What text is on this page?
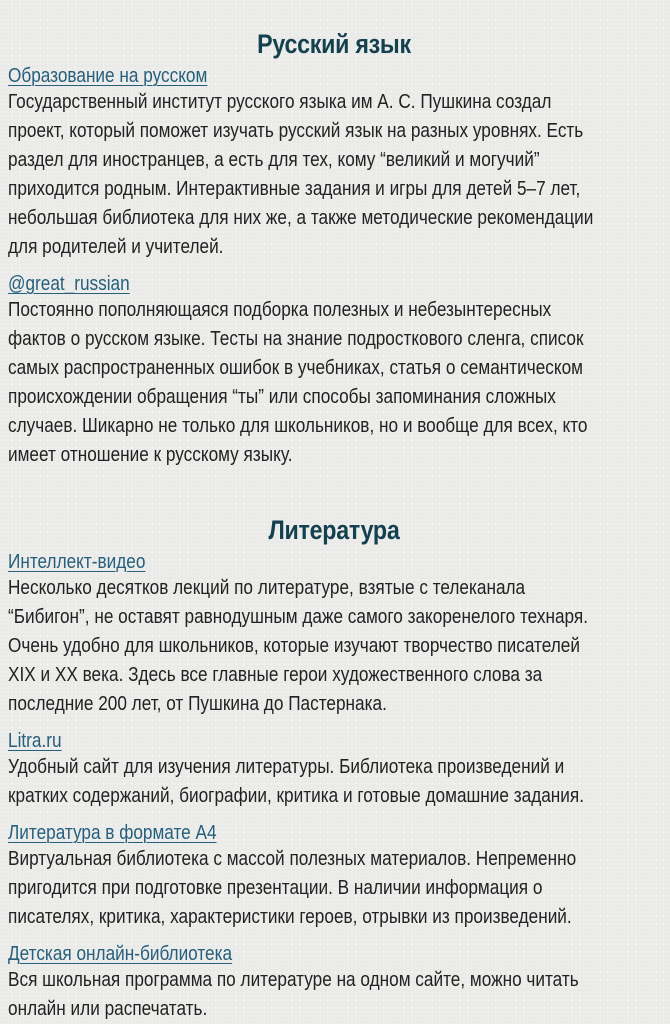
Русский язык
Образование на русском

Государственный институт русского языка им А. С. Пушкина создал
проект, который поможет изучать русский язык на разных уровнях. Есть
раздел для иностранцев, а есть для тех, кому “великий и могучий”
приходится родным. Интерактивные задания и игры для детей 5–7 лет,
небольшая библиотека для них же, а также методические рекомендации
для родителей и учителей.

@great_russian

Постоянно пополняющаяся подборка полезных и небезынтересных
фактов о русском языке. Тесты на знание подросткового сленга, список
самых распространенных ошибок в учебниках, статья о семантическом
происхождении обращения “ты” или способы запоминания сложных
случаев. Шикарно не только для школьников, но и вообще для всех, кто
имеет отношение к русскому языку.

Литература
Интеллект-видео

Несколько десятков лекций по литературе, взятые с телеканала
“Бибигон”, не оставят равнодушным даже самого закоренелого технаря.
Очень удобно для школьников, которые изучают творчество писателей
XIX и XX века. Здесь все главные герои художественного слова за
последние 200 лет, от Пушкина до Пастернака.

Litra.ru

Удобный сайт для изучения литературы. Библиотека произведений и
кратких содержаний, биографии, критика и готовые домашние задания.

Литература в формате А4

Виртуальная библиотека с массой полезных материалов. Непременно
пригодится при подготовке презентации. В наличии информация о
писателях, критика, характеристики героев, отрывки из произведений.

Детская онлайн-библиотека

Вся школьная программа по литературе на одном сайте, можно читать
онлайн или распечатать.
